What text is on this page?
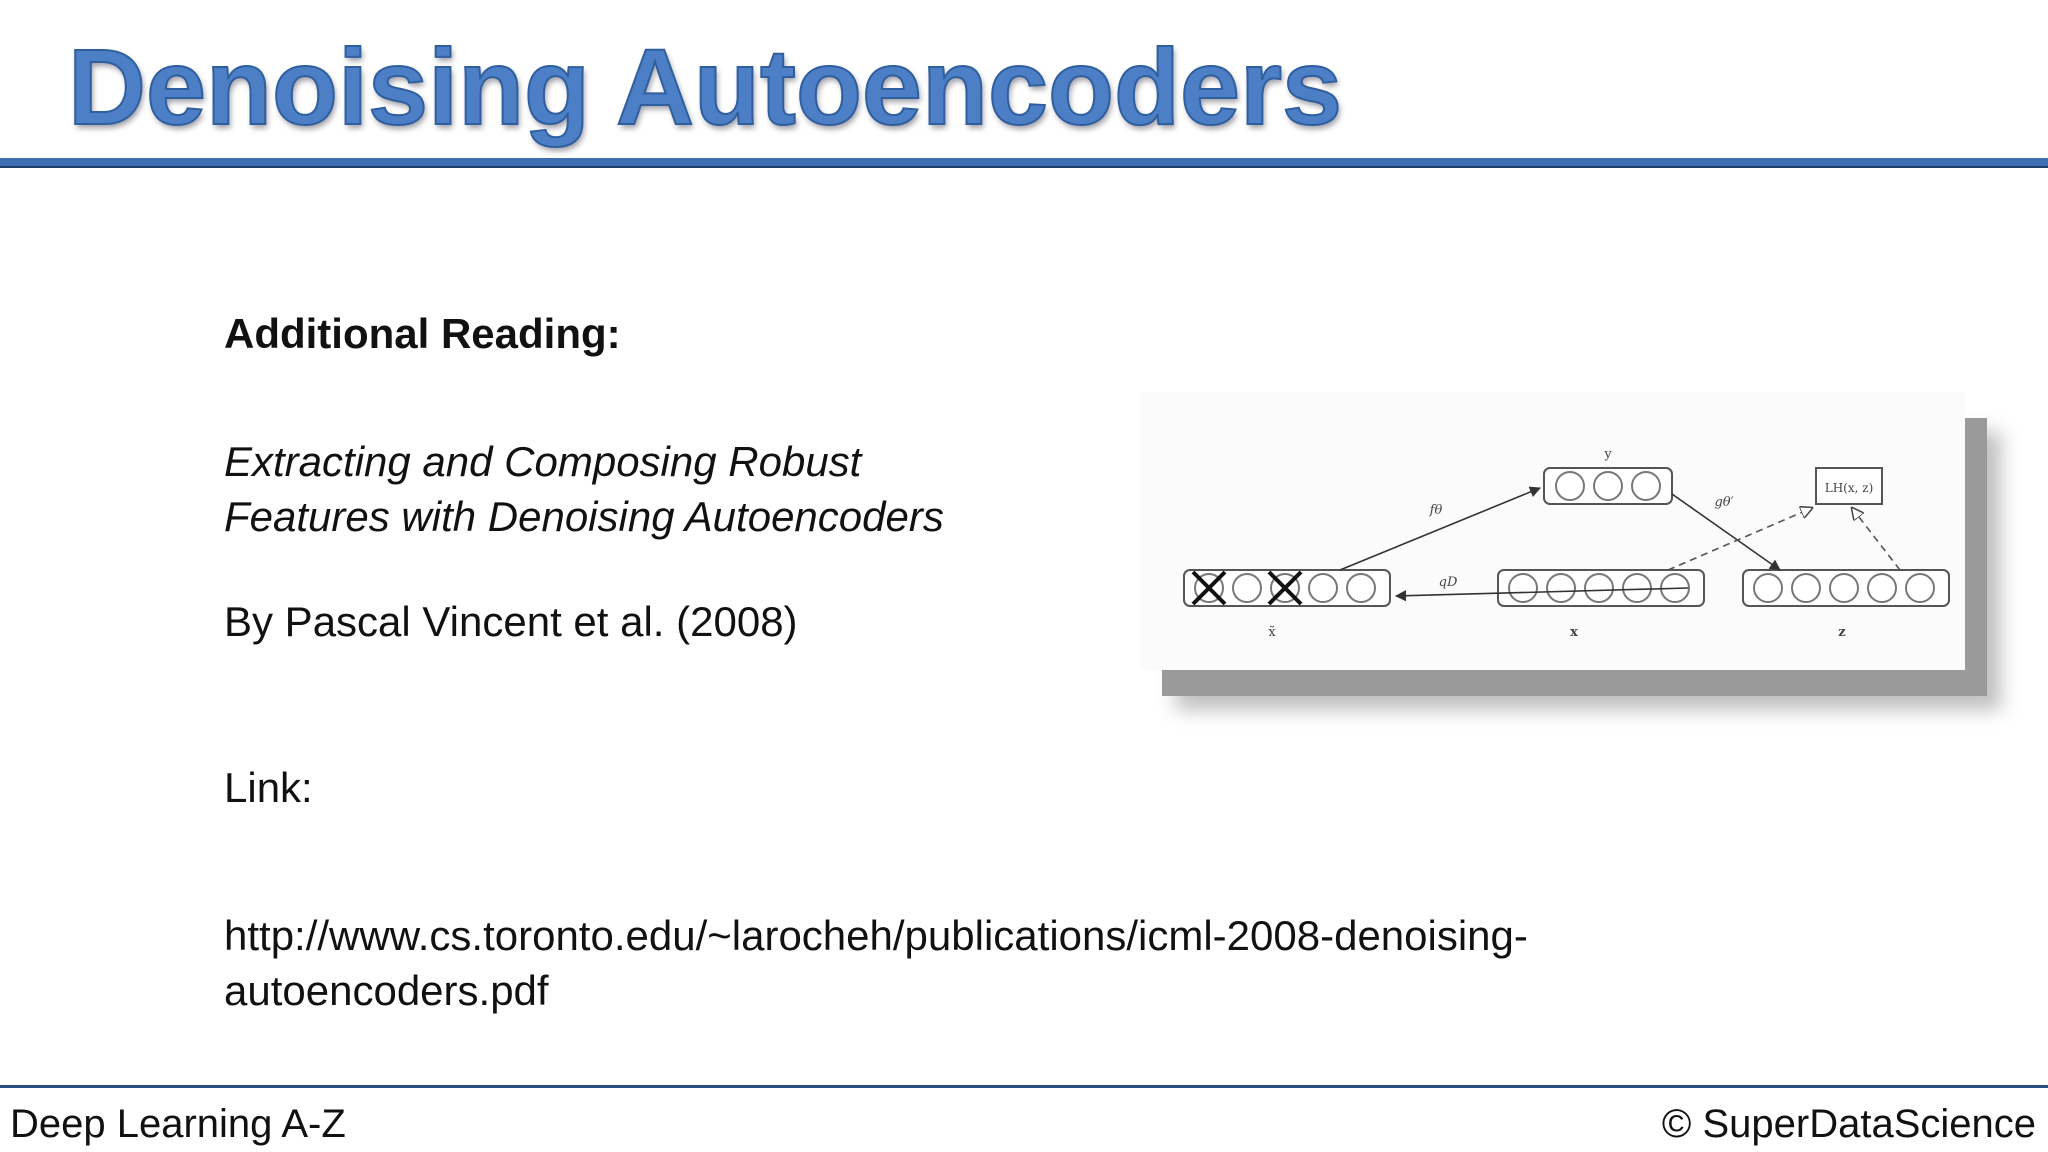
Denoising Autoencoders

Additional Reading:

Extracting and Composing Robust
Features with Denoising Autoencoders

By Pascal Vincent et al. (2008)

Link:

http://www.cs.toronto.edu/~larocheh/publications/icml-2008-denoising-
autoencoders.pdf
LH(x, z)
y
fθ
gθ′
qD
x̃	x	z

Deep Learning A-Z	© SuperDataScience
